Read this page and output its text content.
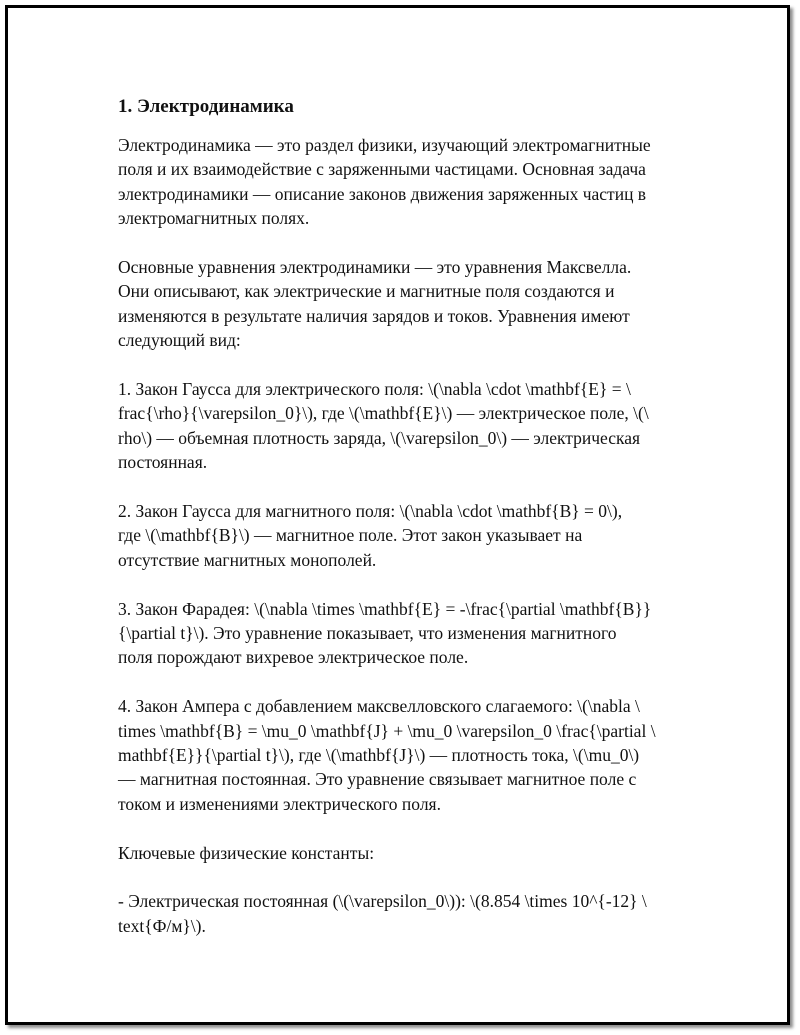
1. Электродинамика
Электродинамика — это раздел физики, изучающий электромагнитные
поля и их взаимодействие с заряженными частицами. Основная задача
электродинамики — описание законов движения заряженных частиц в
электромагнитных полях.
Основные уравнения электродинамики — это уравнения Максвелла.
Они описывают, как электрические и магнитные поля создаются и
изменяются в результате наличия зарядов и токов. Уравнения имеют
следующий вид:
1. Закон Гаусса для электрического поля: \(\nabla \cdot \mathbf{E} = \
frac{\rho}{\varepsilon_0}\), где \(\mathbf{E}\) — электрическое поле, \(\
rho\) — объемная плотность заряда, \(\varepsilon_0\) — электрическая
постоянная.
2. Закон Гаусса для магнитного поля: \(\nabla \cdot \mathbf{B} = 0\),
где \(\mathbf{B}\) — магнитное поле. Этот закон указывает на
отсутствие магнитных монополей.
3. Закон Фарадея: \(\nabla \times \mathbf{E} = -\frac{\partial \mathbf{B}}
{\partial t}\). Это уравнение показывает, что изменения магнитного
поля порождают вихревое электрическое поле.
4. Закон Ампера с добавлением максвелловского слагаемого: \(\nabla \
times \mathbf{B} = \mu_0 \mathbf{J} + \mu_0 \varepsilon_0 \frac{\partial \
mathbf{E}}{\partial t}\), где \(\mathbf{J}\) — плотность тока, \(\mu_0\)
— магнитная постоянная. Это уравнение связывает магнитное поле с
током и изменениями электрического поля.
Ключевые физические константы:
- Электрическая постоянная (\(\varepsilon_0\)): \(8.854 \times 10^{-12} \
text{Ф/м}\).
